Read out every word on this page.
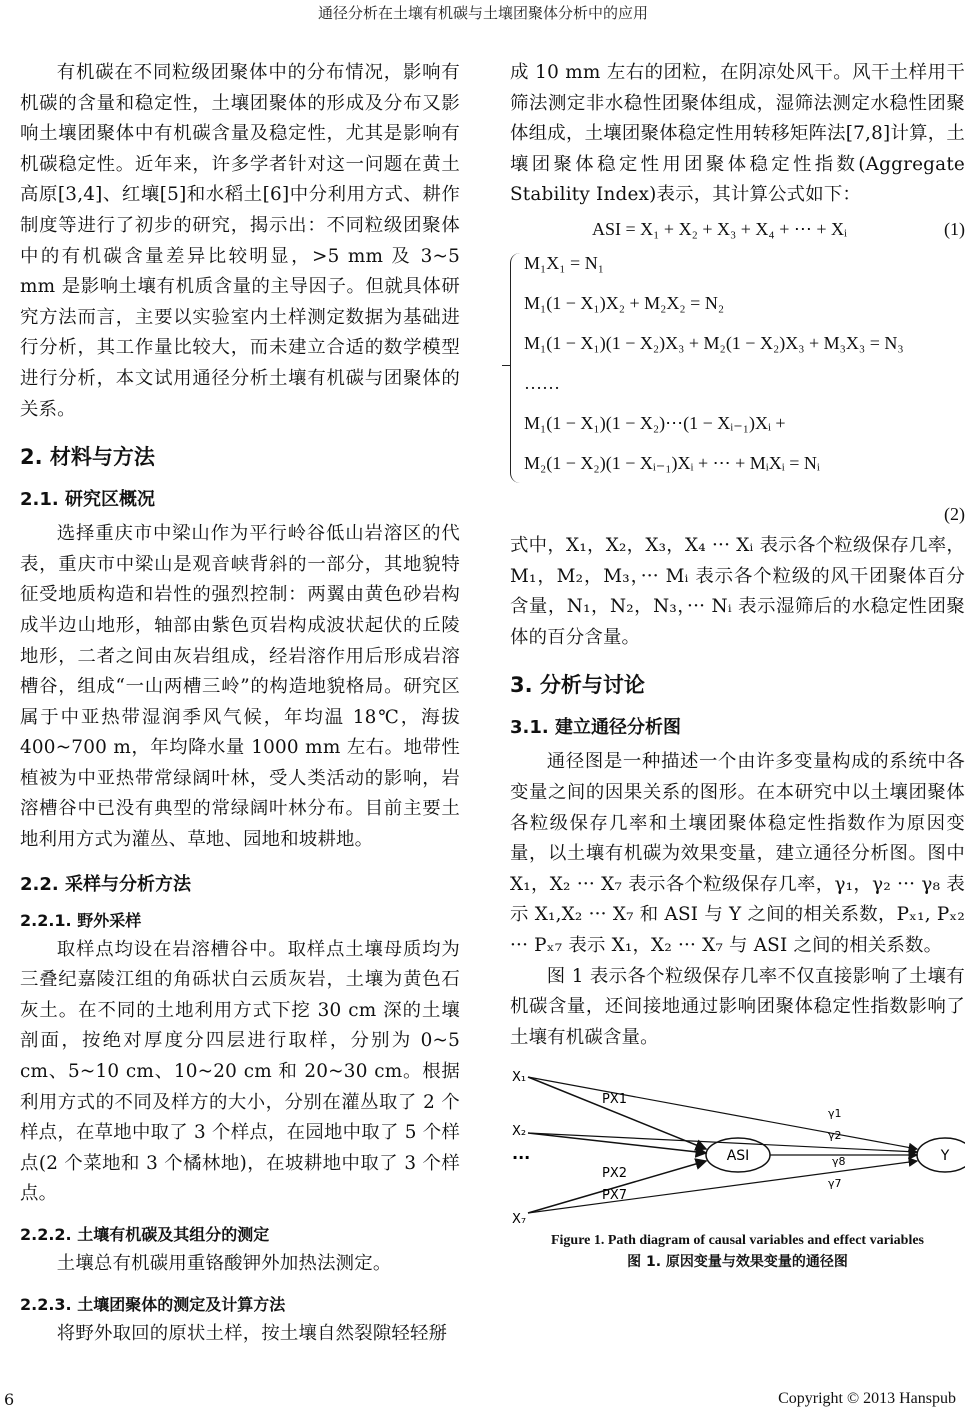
通径分析在土壤有机碳与土壤团聚体分析中的应用

有机碳在不同粒级团聚体中的分布情况，影响有机碳的含量和稳定性，土壤团聚体的形成及分布又影响土壤团聚体中有机碳含量及稳定性，尤其是影响有机碳稳定性。近年来，许多学者针对这一问题在黄土高原[3,4]、红壤[5]和水稻土[6]中分利用方式、耕作制度等进行了初步的研究，揭示出：不同粒级团聚体中的有机碳含量差异比较明显，>5 mm 及 3~5 mm 是影响土壤有机质含量的主导因子。但就具体研究方法而言，主要以实验室内土样测定数据为基础进行分析，其工作量比较大，而未建立合适的数学模型进行分析，本文试用通径分析土壤有机碳与团聚体的关系。

2. 材料与方法
2.1. 研究区概况

选择重庆市中梁山作为平行岭谷低山岩溶区的代表，重庆市中梁山是观音峡背斜的一部分，其地貌特征受地质构造和岩性的强烈控制：两翼由黄色砂岩构成半边山地形，轴部由紫色页岩构成波状起伏的丘陵地形，二者之间由灰岩组成，经岩溶作用后形成岩溶槽谷，组成“一山两槽三岭”的构造地貌格局。研究区属于中亚热带湿润季风气候，年均温 18℃，海拔 400~700 m，年均降水量 1000 mm 左右。地带性植被为中亚热带常绿阔叶林，受人类活动的影响，岩溶槽谷中已没有典型的常绿阔叶林分布。目前主要土地利用方式为灌丛、草地、园地和坡耕地。

2.2. 采样与分析方法
2.2.1. 野外采样

取样点均设在岩溶槽谷中。取样点土壤母质均为三叠纪嘉陵江组的角砾状白云质灰岩，土壤为黄色石灰土。在不同的土地利用方式下挖 30 cm 深的土壤剖面，按绝对厚度分四层进行取样，分别为 0~5 cm、5~10 cm、10~20 cm 和 20~30 cm。根据利用方式的不同及样方的大小，分别在灌丛取了 2 个样点，在草地中取了 3 个样点，在园地中取了 5 个样点(2 个菜地和 3 个橘林地)，在坡耕地中取了 3 个样点。

2.2.2. 土壤有机碳及其组分的测定

土壤总有机碳用重铬酸钾外加热法测定。

2.2.3. 土壤团聚体的测定及计算方法

将野外取回的原状土样，按土壤自然裂隙轻轻掰

成 10 mm 左右的团粒，在阴凉处风干。风干土样用干筛法测定非水稳性团聚体组成，湿筛法测定水稳性团聚体组成，土壤团聚体稳定性用转移矩阵法[7,8]计算，土壤团聚体稳定性用团聚体稳定性指数(Aggregate Stability Index)表示，其计算公式如下：

ASI = X₁ + X₂ + X₃ + X₄ + ⋯ + Xᵢ	(1)
M₁X₁ = N₁
M₁(1 − X₁)X₂ + M₂X₂ = N₂
M₁(1 − X₁)(1 − X₂)X₃ + M₂(1 − X₂)X₃ + M₃X₃ = N₃
……
M₁(1 − X₁)(1 − X₂)⋯(1 − Xᵢ₋₁)Xᵢ +
M₂(1 − X₂)(1 − Xᵢ₋₁)Xᵢ + ⋯ + MᵢXᵢ = Nᵢ
(2)

式中，X₁，X₂，X₃，X₄ ··· Xᵢ 表示各个粒级保存几率，M₁，M₂，M₃，··· Mᵢ 表示各个粒级的风干团聚体百分含量，N₁，N₂，N₃，··· Nᵢ 表示湿筛后的水稳定性团聚体的百分含量。

3. 分析与讨论
3.1. 建立通径分析图

通径图是一种描述一个由许多变量构成的系统中各变量之间的因果关系的图形。在本研究中以土壤团聚体各粒级保存几率和土壤团聚体稳定性指数作为原因变量，以土壤有机碳为效果变量，建立通径分析图。图中 X₁，X₂ ··· X₇ 表示各个粒级保存几率，γ₁，γ₂ ··· γ₈ 表示 X₁,X₂ ··· X₇ 和 ASI 与 Y 之间的相关系数，Pₓ₁, Pₓ₂ ··· Pₓ₇ 表示 X₁，X₂ ··· X₇ 与 ASI 之间的相关系数。

图 1 表示各个粒级保存几率不仅直接影响了土壤有机碳含量，还间接地通过影响团聚体稳定性指数影响了土壤有机碳含量。

X₁
X₂
···
X₇
ASI	Y
PX1
PX2
PX7
γ1
γ2
γ8
γ7
Figure 1. Path diagram of causal variables and effect variables
图 1. 原因变量与效果变量的通径图
6	Copyright © 2013 Hanspub
